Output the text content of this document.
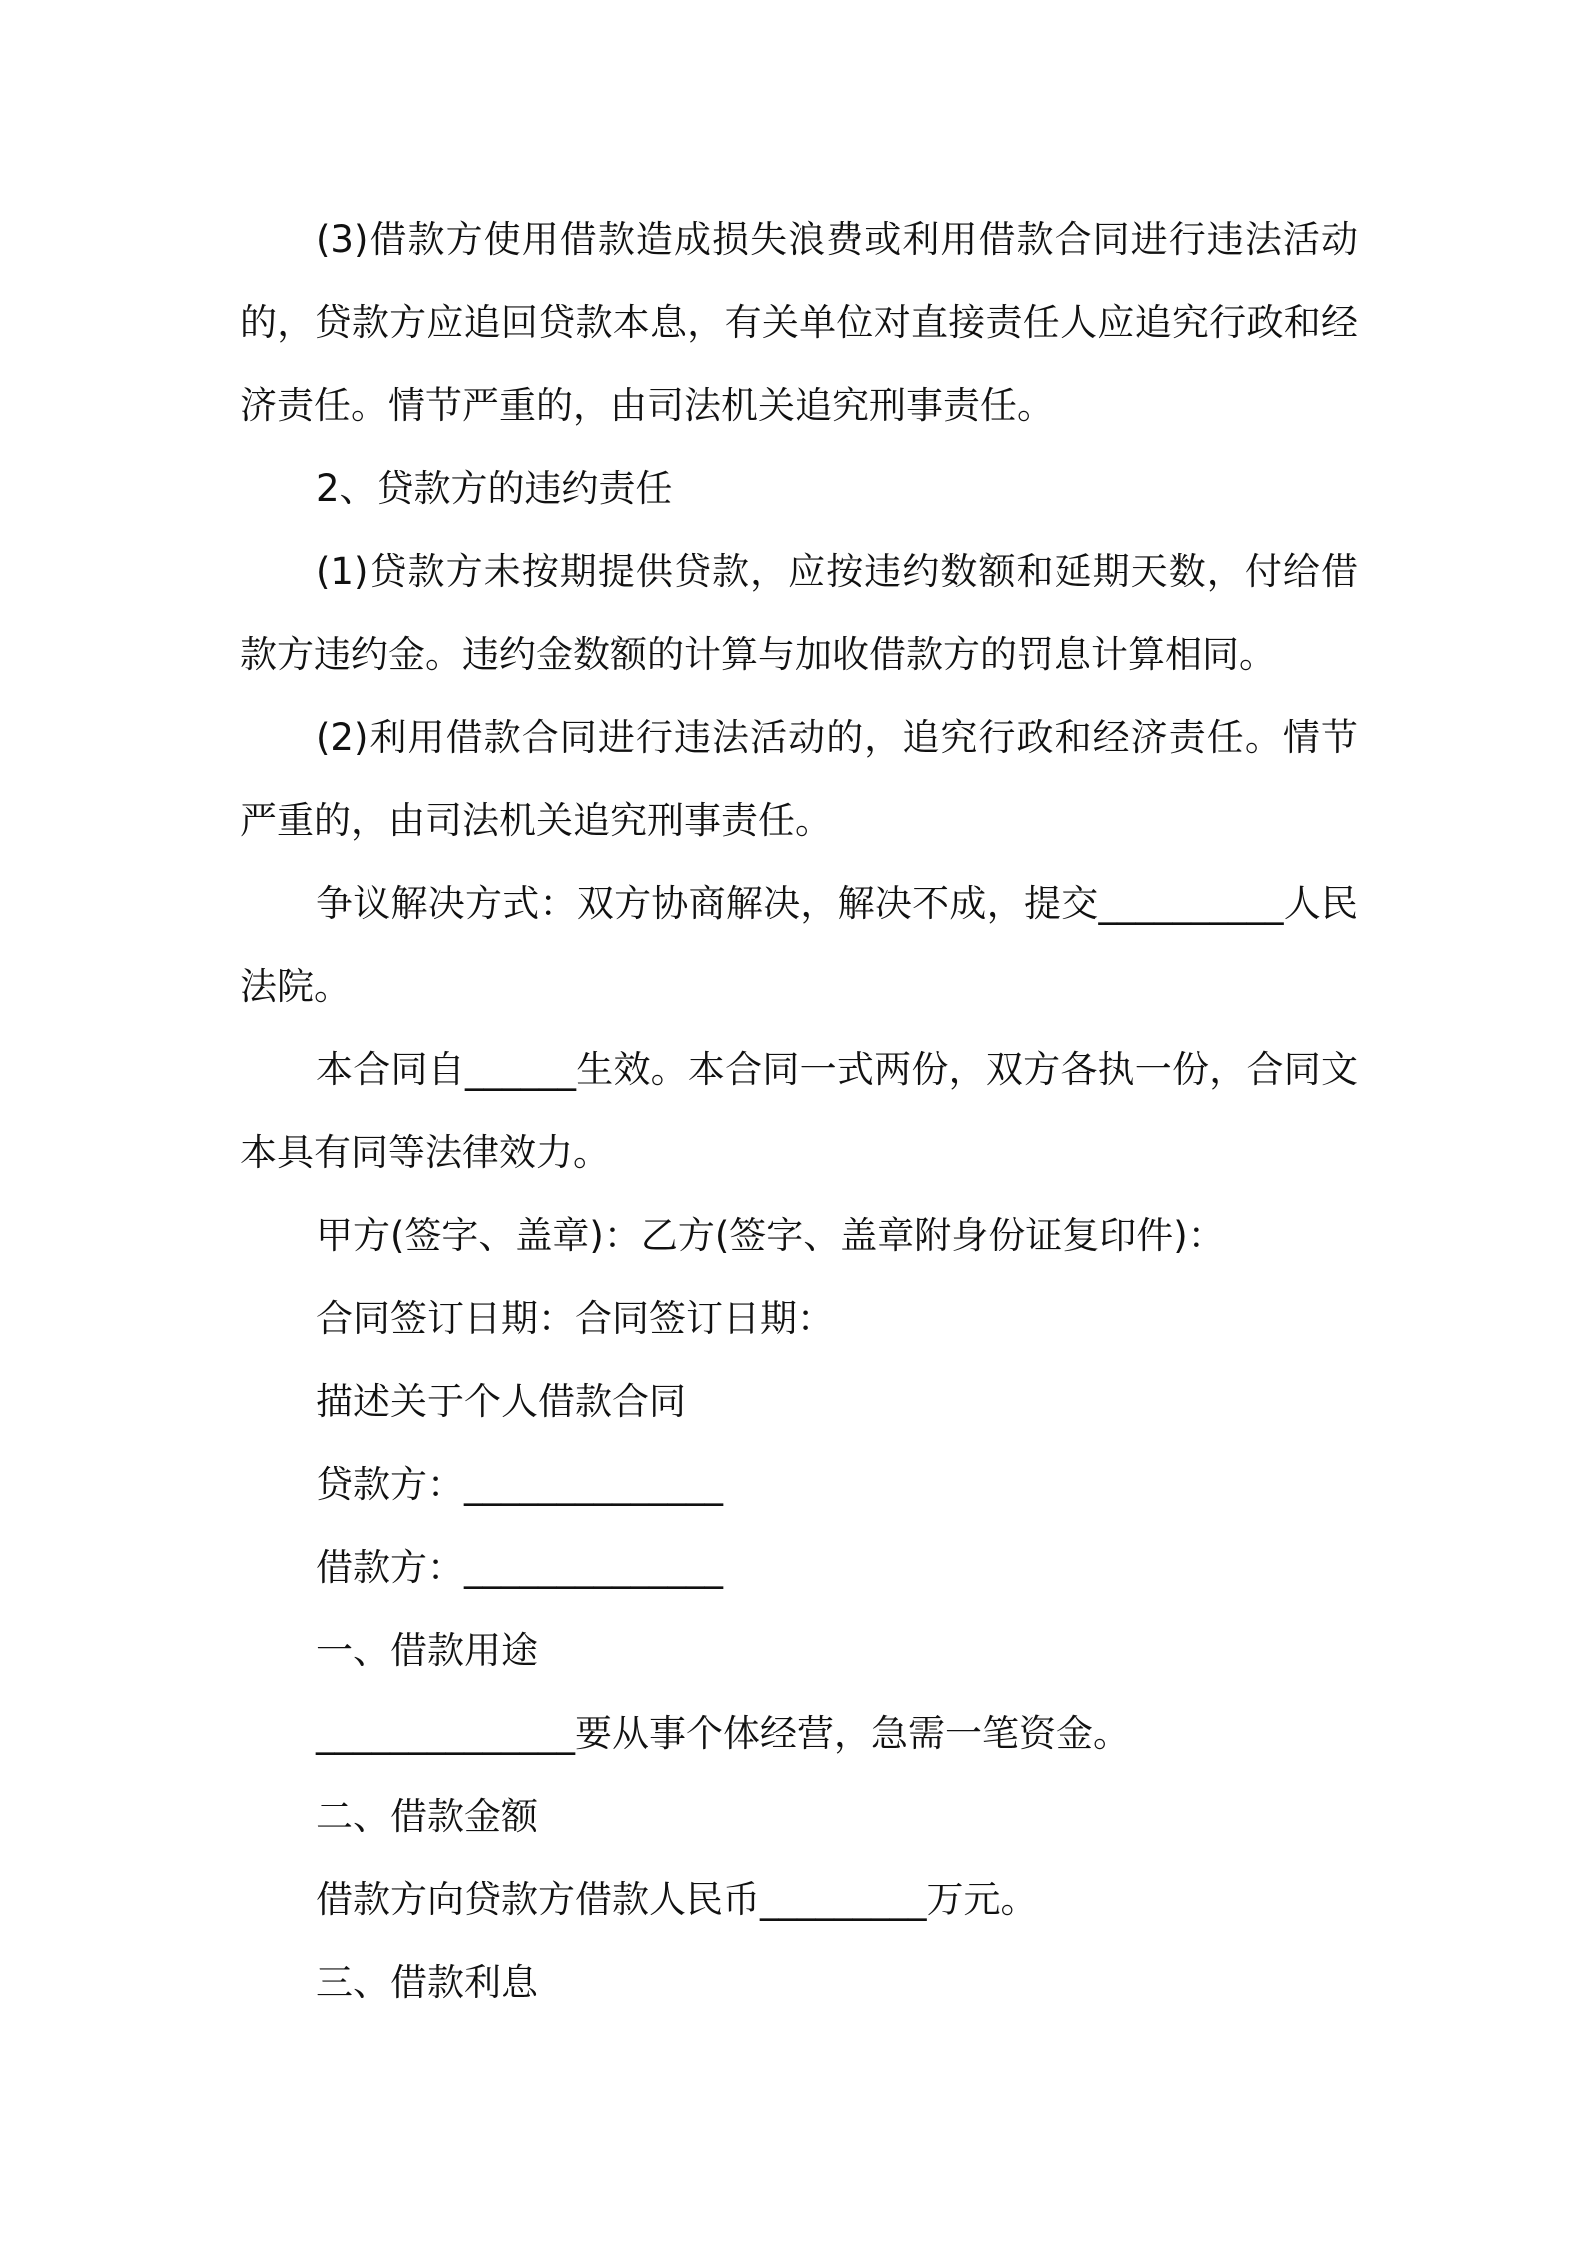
(3)借款方使用借款造成损失浪费或利用借款合同进行违法活动的，贷款方应追回贷款本息，有关单位对直接责任人应追究行政和经济责任。情节严重的，由司法机关追究刑事责任。

2、贷款方的违约责任

(1)贷款方未按期提供贷款，应按违约数额和延期天数，付给借款方违约金。违约金数额的计算与加收借款方的罚息计算相同。

(2)利用借款合同进行违法活动的，追究行政和经济责任。情节严重的，由司法机关追究刑事责任。

争议解决方式：双方协商解决，解决不成，提交__________人民法院。

本合同自______生效。本合同一式两份，双方各执一份，合同文本具有同等法律效力。

甲方(签字、盖章)：乙方(签字、盖章附身份证复印件)：

合同签订日期：合同签订日期：

描述关于个人借款合同

贷款方：______________

借款方：______________

一、借款用途

______________要从事个体经营，急需一笔资金。

二、借款金额

借款方向贷款方借款人民币_________万元。

三、借款利息
